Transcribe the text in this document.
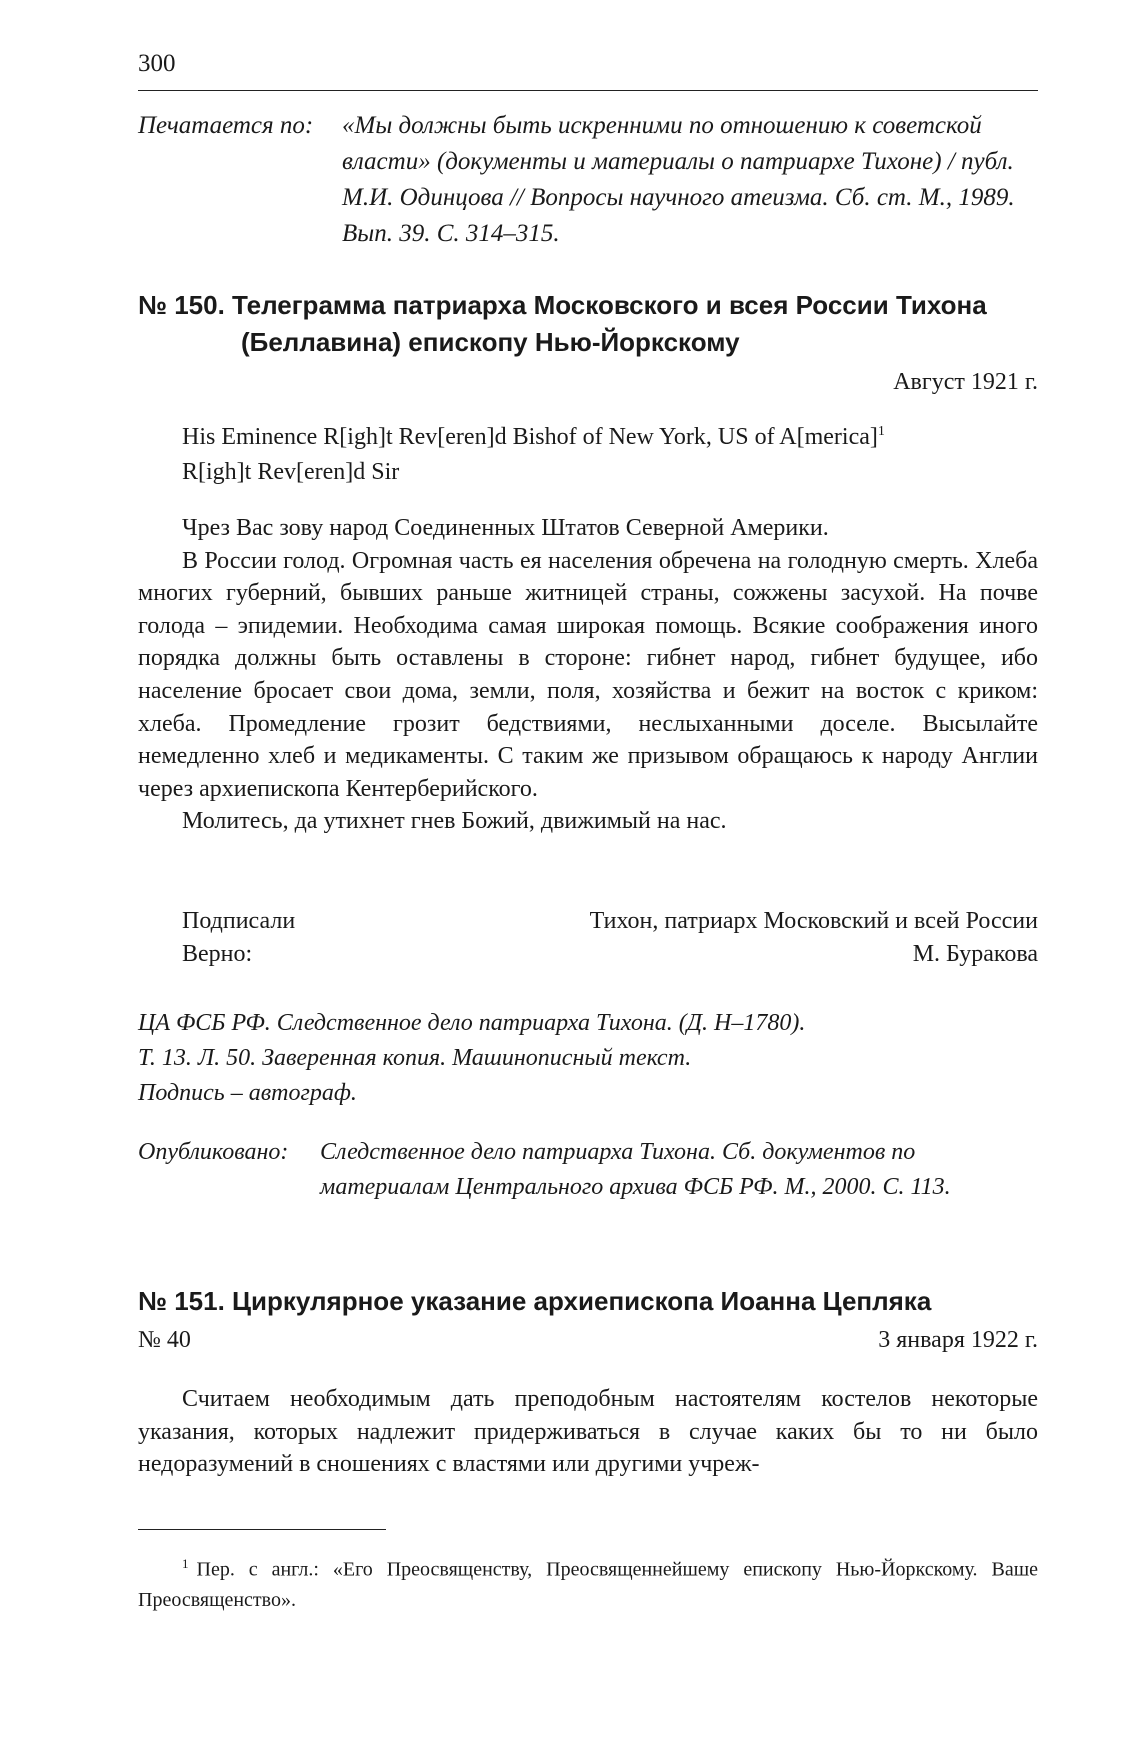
300
Печатается по: «Мы должны быть искренними по отношению к советской власти» (документы и материалы о патриархе Тихоне) / публ. М.И. Одинцова // Вопросы научного атеизма. Сб. ст. М., 1989. Вып. 39. С. 314–315.
№ 150. Телеграмма патриарха Московского и всея России Тихона
(Беллавина) епископу Нью-Йоркскому
Август 1921 г.
His Eminence R[igh]t Rev[eren]d Bishof of New York, US of A[merica]$^1$
R[igh]t Rev[eren]d Sir

Чрез Вас зову народ Соединенных Штатов Северной Америки.

В России голод. Огромная часть ея населения обречена на голодную смерть. Хлеба многих губерний, бывших раньше житницей страны, сожжены засухой. На почве голода – эпидемии. Необходима самая широкая помощь. Всякие соображения иного порядка должны быть оставлены в стороне: гибнет народ, гибнет будущее, ибо население бросает свои дома, земли, поля, хозяйства и бежит на восток с криком: хлеба. Промедление грозит бедствиями, неслыханными доселе. Высылайте немедленно хлеб и медикаменты. С таким же призывом обращаюсь к народу Англии через архиепископа Кентерберийского.

Молитесь, да утихнет гнев Божий, движимый на нас.

Подписали	Тихон, патриарх Московский и всей России
Верно:	М. Буракова
ЦА ФСБ РФ. Следственное дело патриарха Тихона. (Д. Н–1780).
Т. 13. Л. 50. Заверенная копия. Машинописный текст.
Подпись – автограф.
Опубликовано: Следственное дело патриарха Тихона. Сб. документов по материалам Центрального архива ФСБ РФ. М., 2000. С. 113.
№ 151. Циркулярное указание архиепископа Иоанна Цепляка
№ 40	3 января 1922 г.

Считаем необходимым дать преподобным настоятелям костелов некоторые указания, которых надлежит придерживаться в случае каких бы то ни было недоразумений в сношениях с властями или другими учреж-

$^1$ Пер. с англ.: «Его Преосвященству, Преосвященнейшему епископу Нью-Йоркскому. Ваше Преосвященство».
